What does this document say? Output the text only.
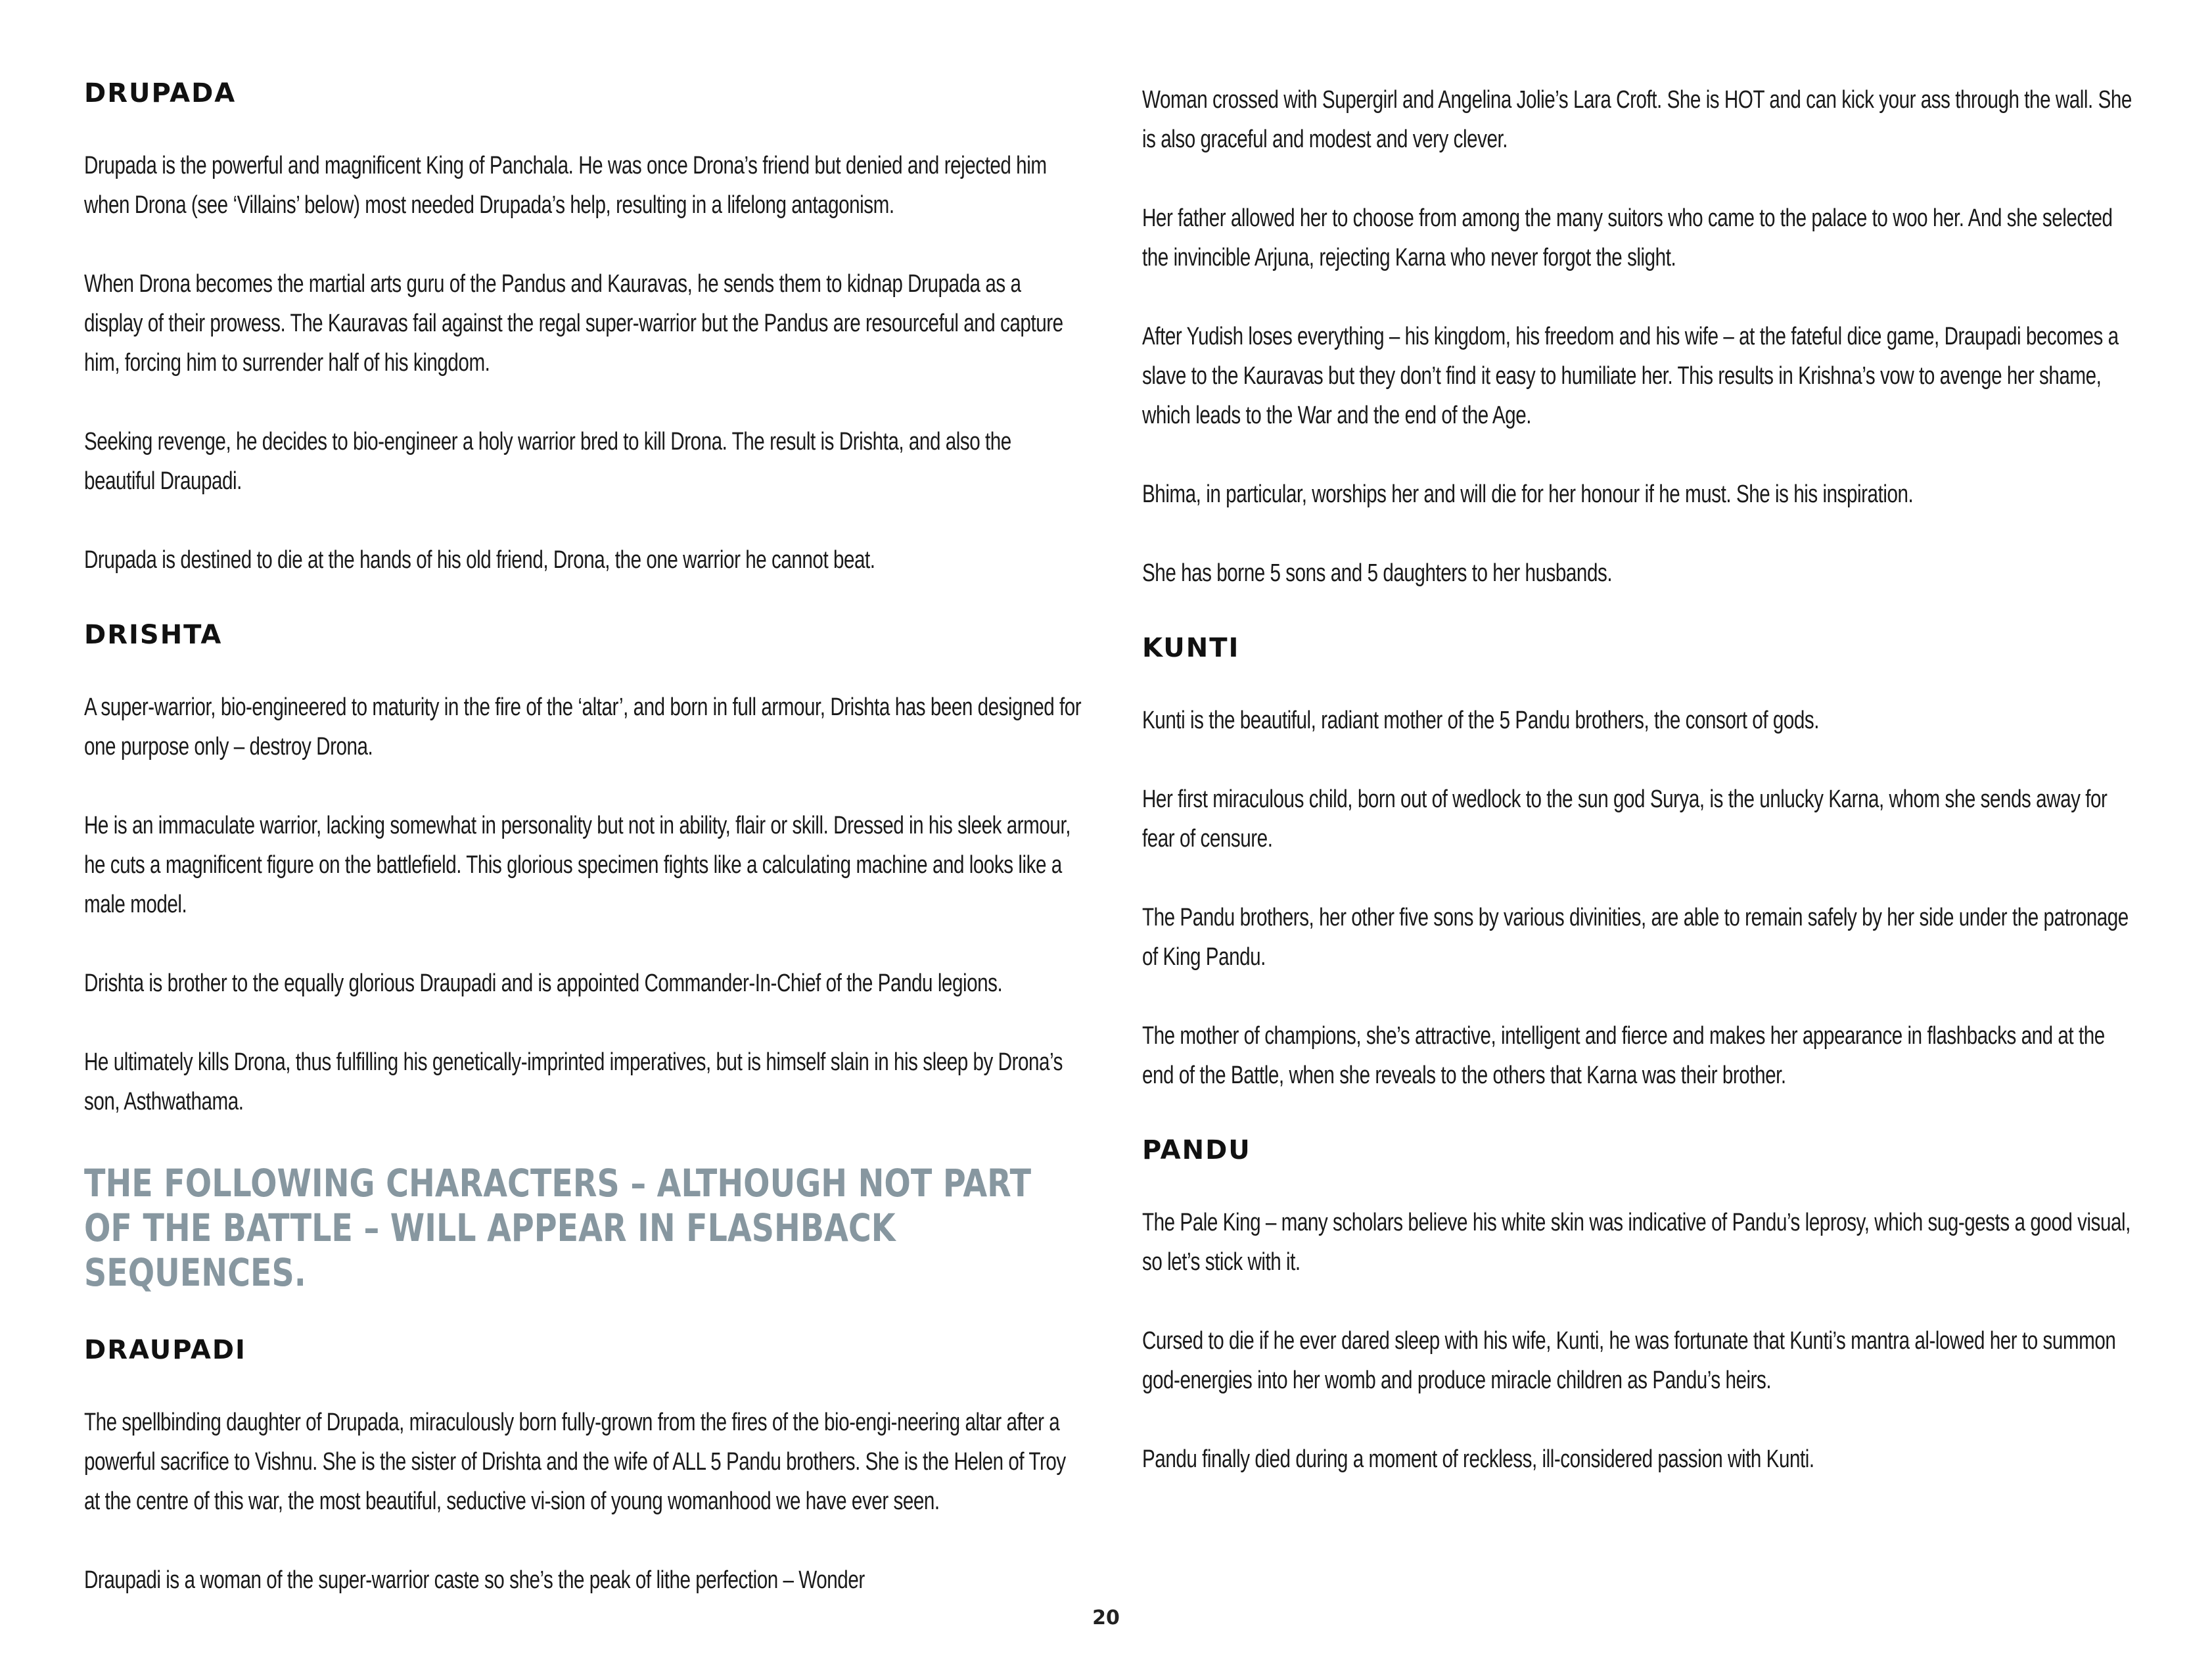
DRUPADA

Drupada is the powerful and magnificent King of Panchala. He was once Drona’s friend but denied and rejected him when Drona (see ‘Villains’ below) most needed Drupada’s help, resulting in a lifelong antagonism.

When Drona becomes the martial arts guru of the Pandus and Kauravas, he sends them to kidnap Drupada as a display of their prowess. The Kauravas fail against the regal super-warrior but the Pandus are resourceful and capture him, forcing him to surrender half of his kingdom.

Seeking revenge, he decides to bio-engineer a holy warrior bred to kill Drona. The result is Drishta, and also the beautiful Draupadi.

Drupada is destined to die at the hands of his old friend, Drona, the one warrior he cannot beat.

DRISHTA

A super-warrior, bio-engineered to maturity in the fire of the ‘altar’, and born in full armour, Drishta has been designed for one purpose only – destroy Drona.

He is an immaculate warrior, lacking somewhat in personality but not in ability, flair or skill. Dressed in his sleek armour, he cuts a magnificent figure on the battlefield. This glorious specimen fights like a calculating machine and looks like a male model.

Drishta is brother to the equally glorious Draupadi and is appointed Commander-In-Chief of the Pandu legions.

He ultimately kills Drona, thus fulfilling his genetically-imprinted imperatives, but is himself slain in his sleep by Drona’s son, Asthwathama.

THE FOLLOWING CHARACTERS – ALTHOUGH NOT PART OF THE BATTLE – WILL APPEAR IN FLASHBACK SEQUENCES.
DRAUPADI

The spellbinding daughter of Drupada, miraculously born fully-grown from the fires of the bio-engi-neering altar after a powerful sacrifice to Vishnu. She is the sister of Drishta and the wife of ALL 5 Pandu brothers. She is the Helen of Troy at the centre of this war, the most beautiful, seductive vi-sion of young womanhood we have ever seen.

Draupadi is a woman of the super-warrior caste so she’s the peak of lithe perfection – Wonder

Woman crossed with Supergirl and Angelina Jolie’s Lara Croft. She is HOT and can kick your ass through the wall. She is also graceful and modest and very clever.

Her father allowed her to choose from among the many suitors who came to the palace to woo her. And she selected the invincible Arjuna, rejecting Karna who never forgot the slight.

After Yudish loses everything – his kingdom, his freedom and his wife – at the fateful dice game, Draupadi becomes a slave to the Kauravas but they don’t find it easy to humiliate her. This results in Krishna’s vow to avenge her shame, which leads to the War and the end of the Age.

Bhima, in particular, worships her and will die for her honour if he must. She is his inspiration.

She has borne 5 sons and 5 daughters to her husbands.

KUNTI

Kunti is the beautiful, radiant mother of the 5 Pandu brothers, the consort of gods.

Her first miraculous child, born out of wedlock to the sun god Surya, is the unlucky Karna, whom she sends away for fear of censure.

The Pandu brothers, her other five sons by various divinities, are able to remain safely by her side under the patronage of King Pandu.

The mother of champions, she’s attractive, intelligent and fierce and makes her appearance in flashbacks and at the end of the Battle, when she reveals to the others that Karna was their brother.

PANDU

The Pale King – many scholars believe his white skin was indicative of Pandu’s leprosy, which sug-gests a good visual, so let’s stick with it.

Cursed to die if he ever dared sleep with his wife, Kunti, he was fortunate that Kunti’s mantra al-lowed her to summon god-energies into her womb and produce miracle children as Pandu’s heirs.

Pandu finally died during a moment of reckless, ill-considered passion with Kunti.

20
